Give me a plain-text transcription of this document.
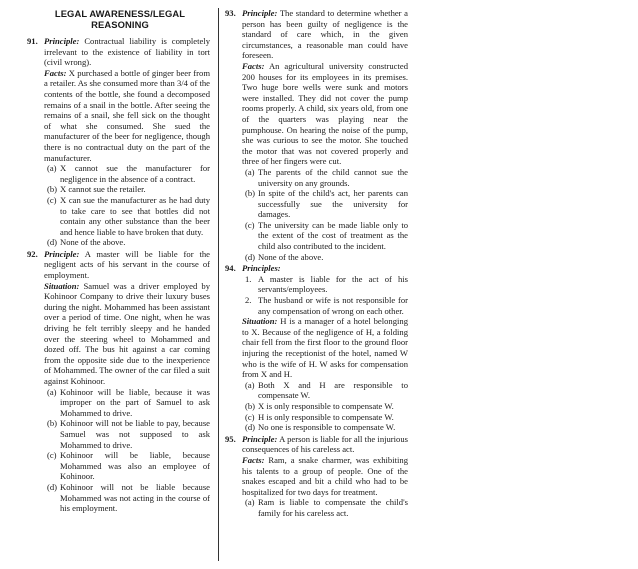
LEGAL AWARENESS/LEGAL REASONING
91. Principle: Contractual liability is completely irrelevant to the existence of liability in tort (civil wrong).
Facts: X purchased a bottle of ginger beer from a retailer. As she consumed more than 3/4 of the contents of the bottle, she found a decomposed remains of a snail in the bottle. After seeing the remains of a snail, she fell sick on the thought of what she consumed. She sued the manufacturer of the beer for negligence, though there is no contractual duty on the part of the manufacturer.
(a) X cannot sue the manufacturer for negligence in the absence of a contract.
(b) X cannot sue the retailer.
(c) X can sue the manufacturer as he had duty to take care to see that bottles did not contain any other substance than the beer and hence liable to have broken that duty.
(d) None of the above.
92. Principle: A master will be liable for the negligent acts of his servant in the course of employment.
Situation: Samuel was a driver employed by Kohinoor Company to drive their luxury buses during the night. Mohammed has been assistant over a period of time. One night, when he was driving he felt terribly sleepy and he handed over the steering wheel to Mohammed and dozed off. The bus hit against a car coming from the opposite side due to the inexperience of Mohammed. The owner of the car filed a suit against Kohinoor.
(a) Kohinoor will be liable, because it was improper on the part of Samuel to ask Mohammed to drive.
(b) Kohinoor will not be liable to pay, because Samuel was not supposed to ask Mohammed to drive.
(c) Kohinoor will be liable, because Mohammed was also an employee of Kohinoor.
(d) Kohinoor will not be liable because Mohammed was not acting in the course of his employment.
93. Principle: The standard to determine whether a person has been guilty of negligence is the standard of care which, in the given circumstances, a reasonable man could have foreseen.
Facts: An agricultural university constructed 200 houses for its employees in its premises. Two huge bore wells were sunk and motors were installed. They did not cover the pump rooms properly. A child, six years old, from one of the quarters was playing near the pumphouse. On hearing the noise of the pump, she was curious to see the motor. She touched the motor that was not covered properly and three of her fingers were cut.
(a) The parents of the child cannot sue the university on any grounds.
(b) In spite of the child's act, her parents can successfully sue the university for damages.
(c) The university can be made liable only to the extent of the cost of treatment as the child also contributed to the incident.
(d) None of the above.
94. Principles:
1. A master is liable for the act of his servants/employees.
2. The husband or wife is not responsible for any compensation of wrong on each other.
Situation: H is a manager of a hotel belonging to X. Because of the negligence of H, a folding chair fell from the first floor to the ground floor injuring the receptionist of the hotel, named W who is the wife of H. W asks for compensation from X and H.
(a) Both X and H are responsible to compensate W.
(b) X is only responsible to compensate W.
(c) H is only responsible to compensate W.
(d) No one is responsible to compensate W.
95. Principle: A person is liable for all the injurious consequences of his careless act.
Facts: Ram, a snake charmer, was exhibiting his talents to a group of people. One of the snakes escaped and bit a child who had to be hospitalized for two days for treatment.
(a) Ram is liable to compensate the child's family for his careless act.
